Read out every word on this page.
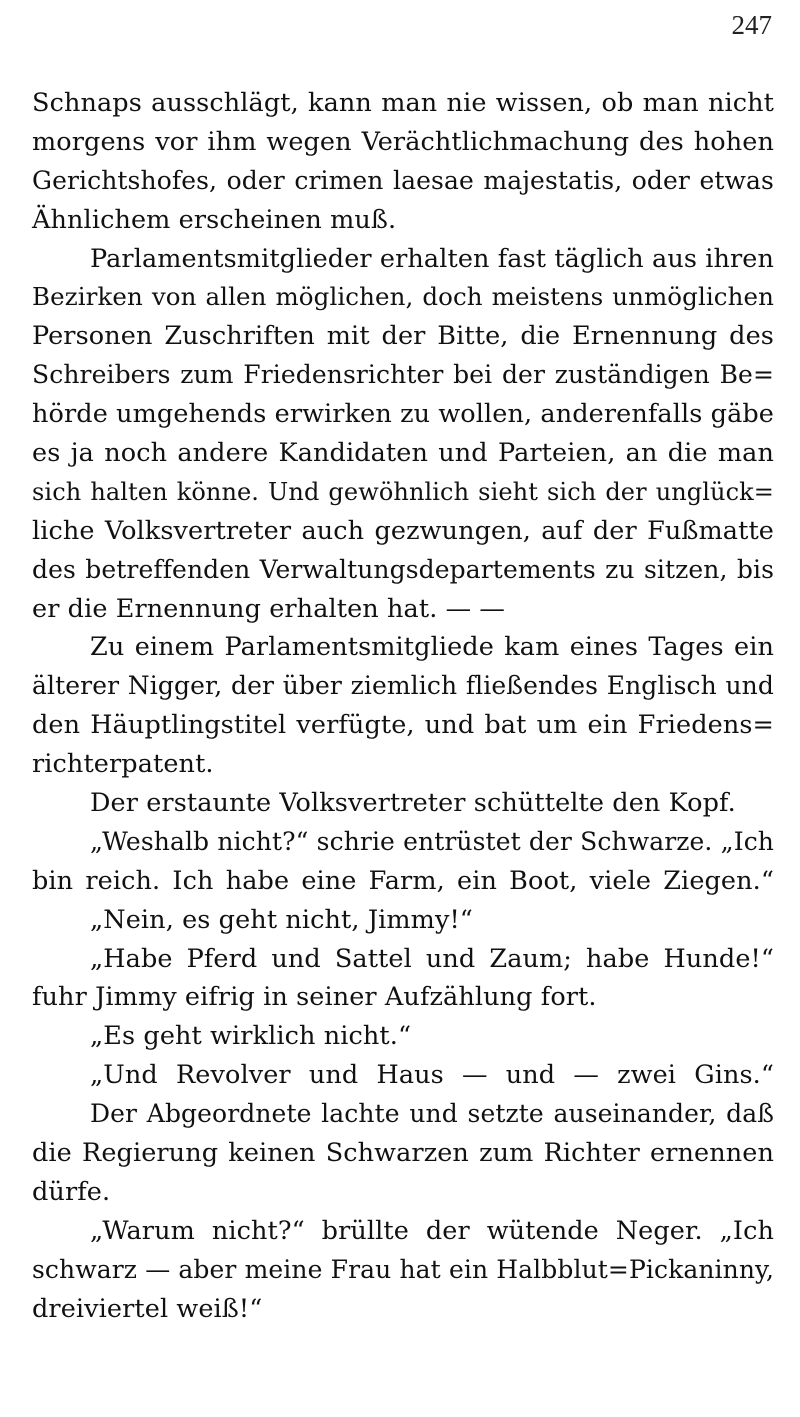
247
Schnaps ausschlägt, kann man nie wissen, ob man nicht
morgens vor ihm wegen Verächtlichmachung des hohen
Gerichtshofes, oder crimen laesae majestatis, oder etwas
Ähnlichem erscheinen muß.
Parlamentsmitglieder erhalten fast täglich aus ihren
Bezirken von allen möglichen, doch meistens unmöglichen
Personen Zuschriften mit der Bitte, die Ernennung des
Schreibers zum Friedensrichter bei der zuständigen Be=
hörde umgehends erwirken zu wollen, anderenfalls gäbe
es ja noch andere Kandidaten und Parteien, an die man
sich halten könne. Und gewöhnlich sieht sich der unglück=
liche Volksvertreter auch gezwungen, auf der Fußmatte
des betreffenden Verwaltungsdepartements zu sitzen, bis
er die Ernennung erhalten hat. — —
Zu einem Parlamentsmitgliede kam eines Tages ein
älterer Nigger, der über ziemlich fließendes Englisch und
den Häuptlingstitel verfügte, und bat um ein Friedens=
richterpatent.
Der erstaunte Volksvertreter schüttelte den Kopf.
„Weshalb nicht?“ schrie entrüstet der Schwarze. „Ich
bin reich. Ich habe eine Farm, ein Boot, viele Ziegen.“
„Nein, es geht nicht, Jimmy!“
„Habe Pferd und Sattel und Zaum; habe Hunde!“
fuhr Jimmy eifrig in seiner Aufzählung fort.
„Es geht wirklich nicht.“
„Und Revolver und Haus — und — zwei Gins.“
Der Abgeordnete lachte und setzte auseinander, daß
die Regierung keinen Schwarzen zum Richter ernennen
dürfe.
„Warum nicht?“ brüllte der wütende Neger. „Ich
schwarz — aber meine Frau hat ein Halbblut=Pickaninny,
dreiviertel weiß!“
